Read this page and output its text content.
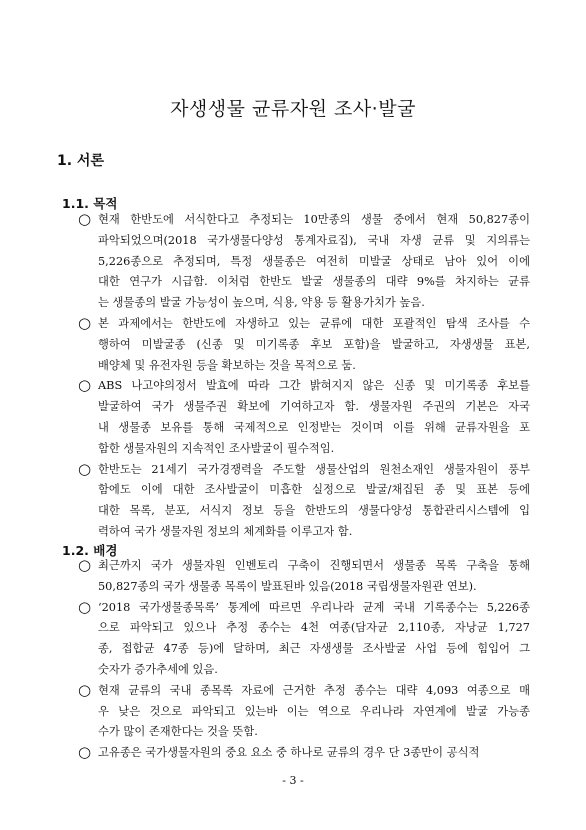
자생생물 균류자원 조사·발굴
1. 서론
1.1. 목적
○ 현재 한반도에 서식한다고 추정되는 10만종의 생물 중에서 현재 50,827종이
파악되었으며(2018 국가생물다양성 통계자료집), 국내 자생 균류 및 지의류는
5,226종으로 추정되며, 특정 생물종은 여전히 미발굴 상태로 남아 있어 이에
대한 연구가 시급함. 이처럼 한반도 발굴 생물종의 대략 9%를 차지하는 균류
는 생물종의 발굴 가능성이 높으며, 식용, 약용 등 활용가치가 높음.
○ 본 과제에서는 한반도에 자생하고 있는 균류에 대한 포괄적인 탐색 조사를 수
행하여 미발굴종 (신종 및 미기록종 후보 포함)을 발굴하고, 자생생물 표본,
배양체 및 유전자원 등을 확보하는 것을 목적으로 둠.
○ ABS 나고야의정서 발효에 따라 그간 밝혀지지 않은 신종 및 미기록종 후보를
발굴하여 국가 생물주권 확보에 기여하고자 함. 생물자원 주권의 기본은 자국
내 생물종 보유를 통해 국제적으로 인정받는 것이며 이를 위해 균류자원을 포
함한 생물자원의 지속적인 조사발굴이 필수적임.
○ 한반도는 21세기 국가경쟁력을 주도할 생물산업의 원천소재인 생물자원이 풍부
함에도 이에 대한 조사발굴이 미흡한 실정으로 발굴/채집된 종 및 표본 등에
대한 목록, 분포, 서식지 정보 등을 한반도의 생물다양성 통합관리시스템에 입
력하여 국가 생물자원 정보의 체계화를 이루고자 함.
1.2. 배경
○ 최근까지 국가 생물자원 인벤토리 구축이 진행되면서 생물종 목록 구축을 통해
50,827종의 국가 생물종 목록이 발표된바 있음(2018 국립생물자원관 연보).
○ ‘2018 국가생물종목록’ 통계에 따르면 우리나라 균계 국내 기록종수는 5,226종
으로 파악되고 있으나 추정 종수는 4천 여종(담자균 2,110종, 자낭균 1,727
종, 접합균 47종 등)에 달하며, 최근 자생생물 조사발굴 사업 등에 힘입어 그
숫자가 증가추세에 있음.
○ 현재 균류의 국내 종목록 자료에 근거한 추정 종수는 대략 4,093 여종으로 매
우 낮은 것으로 파악되고 있는바 이는 역으로 우리나라 자연계에 발굴 가능종
수가 많이 존재한다는 것을 뜻함.
○ 고유종은 국가생물자원의 중요 요소 중 하나로 균류의 경우 단 3종만이 공식적
- 3 -
